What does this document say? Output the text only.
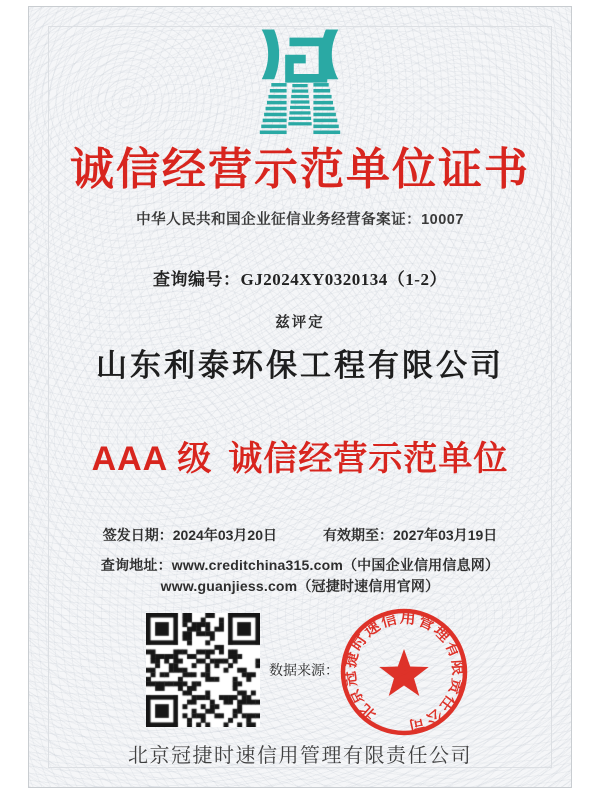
诚信经营示范单位证书
中华人民共和国企业征信业务经营备案证：10007
查询编号：GJ2024XY0320134（1-2）
兹评定
山东利泰环保工程有限公司
AAA 级 诚信经营示范单位
签发日期：2024年03月20日	有效期至：2027年03月19日
查询地址：www.creditchina315.com（中国企业信用信息网）
www.guanjiess.com（冠捷时速信用官网）
数据来源：
北京冠捷时速信用管理有限责任公司
北京冠捷时速信用管理有限责任公司
